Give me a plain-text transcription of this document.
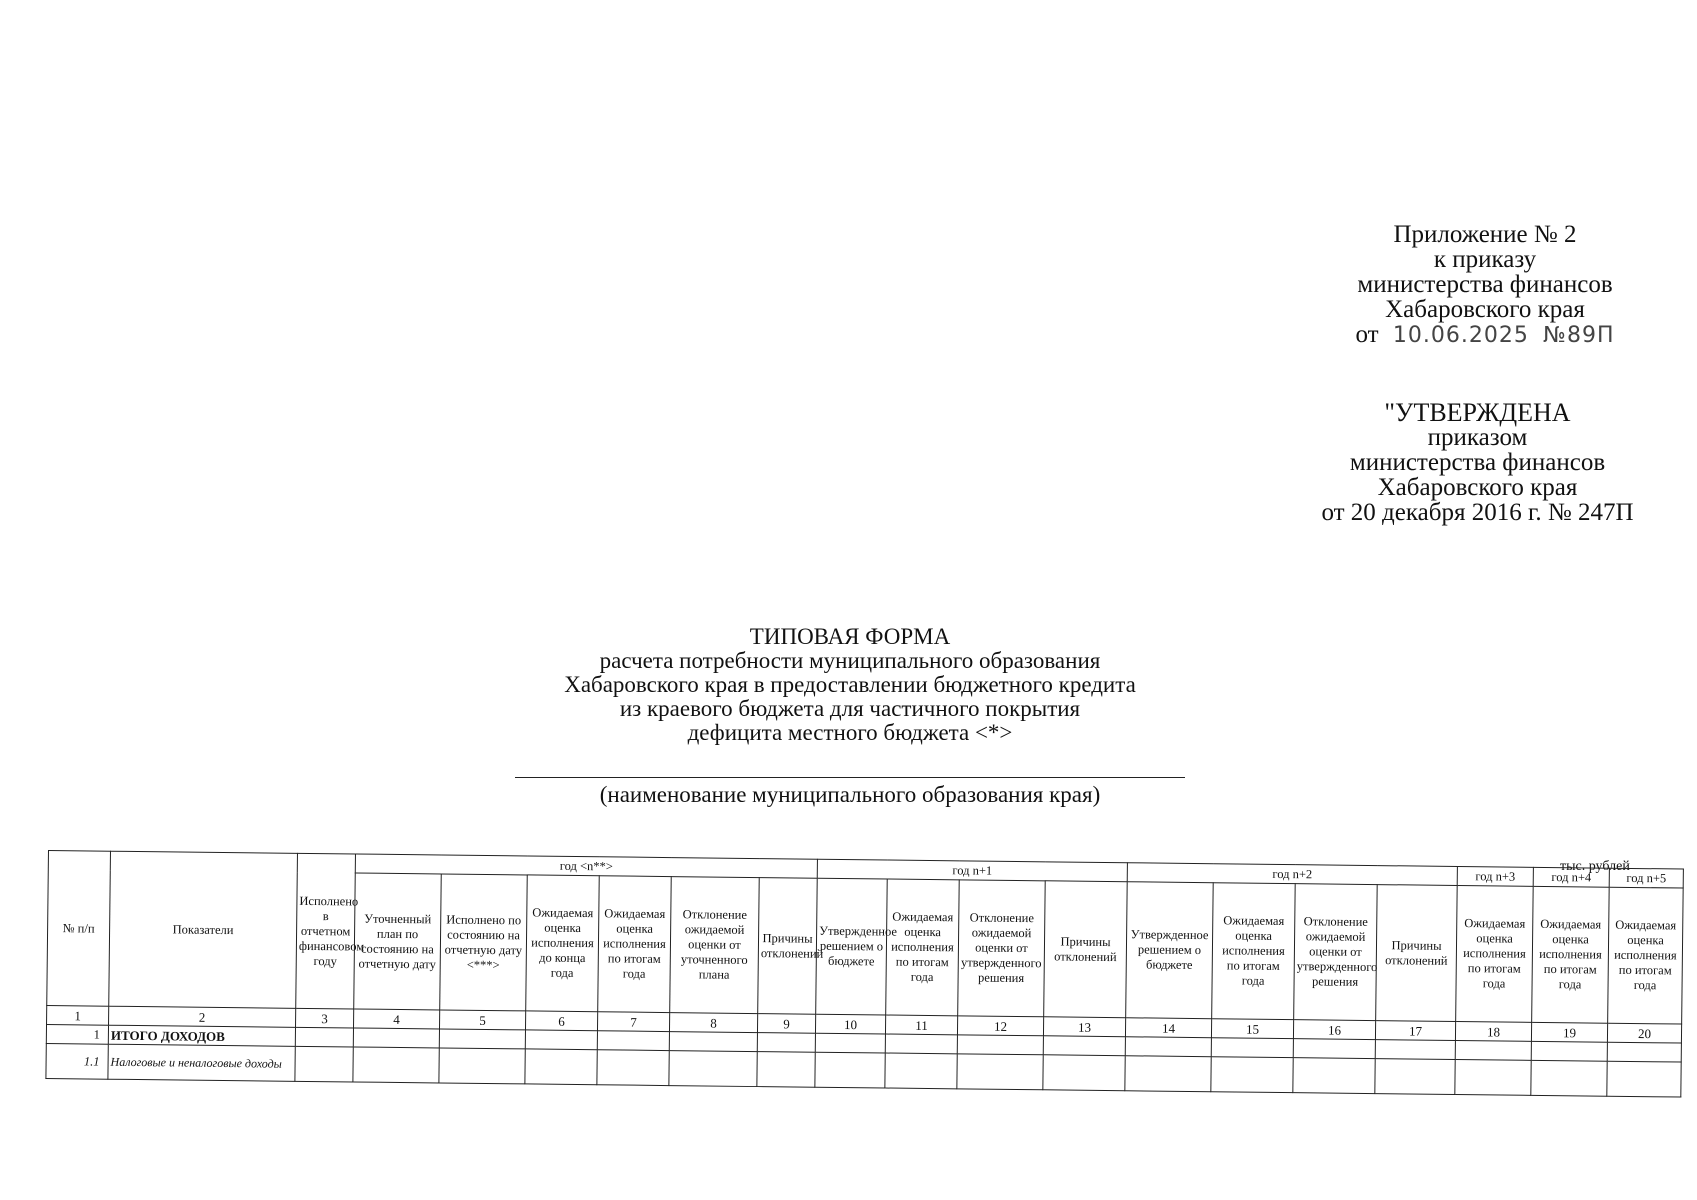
Приложение № 2
к приказу
министерства финансов
Хабаровского края
от 10.06.2025 №89П
"УТВЕРЖДЕНА
приказом
министерства финансов
Хабаровского края
от 20 декабря 2016 г. № 247П
ТИПОВАЯ ФОРМА
расчета потребности муниципального образования
Хабаровского края в предоставлении бюджетного кредита
из краевого бюджета для частичного покрытия
дефицита местного бюджета <*>
(наименование муниципального образования края)
тыс. рублей
№ п/п	Показатели	Исполнено в отчетном финансовом году	год <n**>						год n+1				год n+2				год n+3	год n+4	год n+5
			Уточненный план по состоянию на отчетную дату	Исполнено по состоянию на отчетную дату <***>	Ожидаемая оценка исполнения до конца года	Ожидаемая оценка исполнения по итогам года	Отклонение ожидаемой оценки от уточненного плана	Причины отклонений	Утвержденное решением о бюджете	Ожидаемая оценка исполнения по итогам года	Отклонение ожидаемой оценки от утвержденного решения	Причины отклонений	Утвержденное решением о бюджете	Ожидаемая оценка исполнения по итогам года	Отклонение ожидаемой оценки от утвержденного решения	Причины отклонений	Ожидаемая оценка исполнения по итогам года	Ожидаемая оценка исполнения по итогам года	Ожидаемая оценка исполнения по итогам года
1	2	3	4	5	6	7	8	9	10	11	12	13	14	15	16	17	18	19	20
1	ИТОГО ДОХОДОВ																		
1.1	Налоговые и неналоговые доходы																		
